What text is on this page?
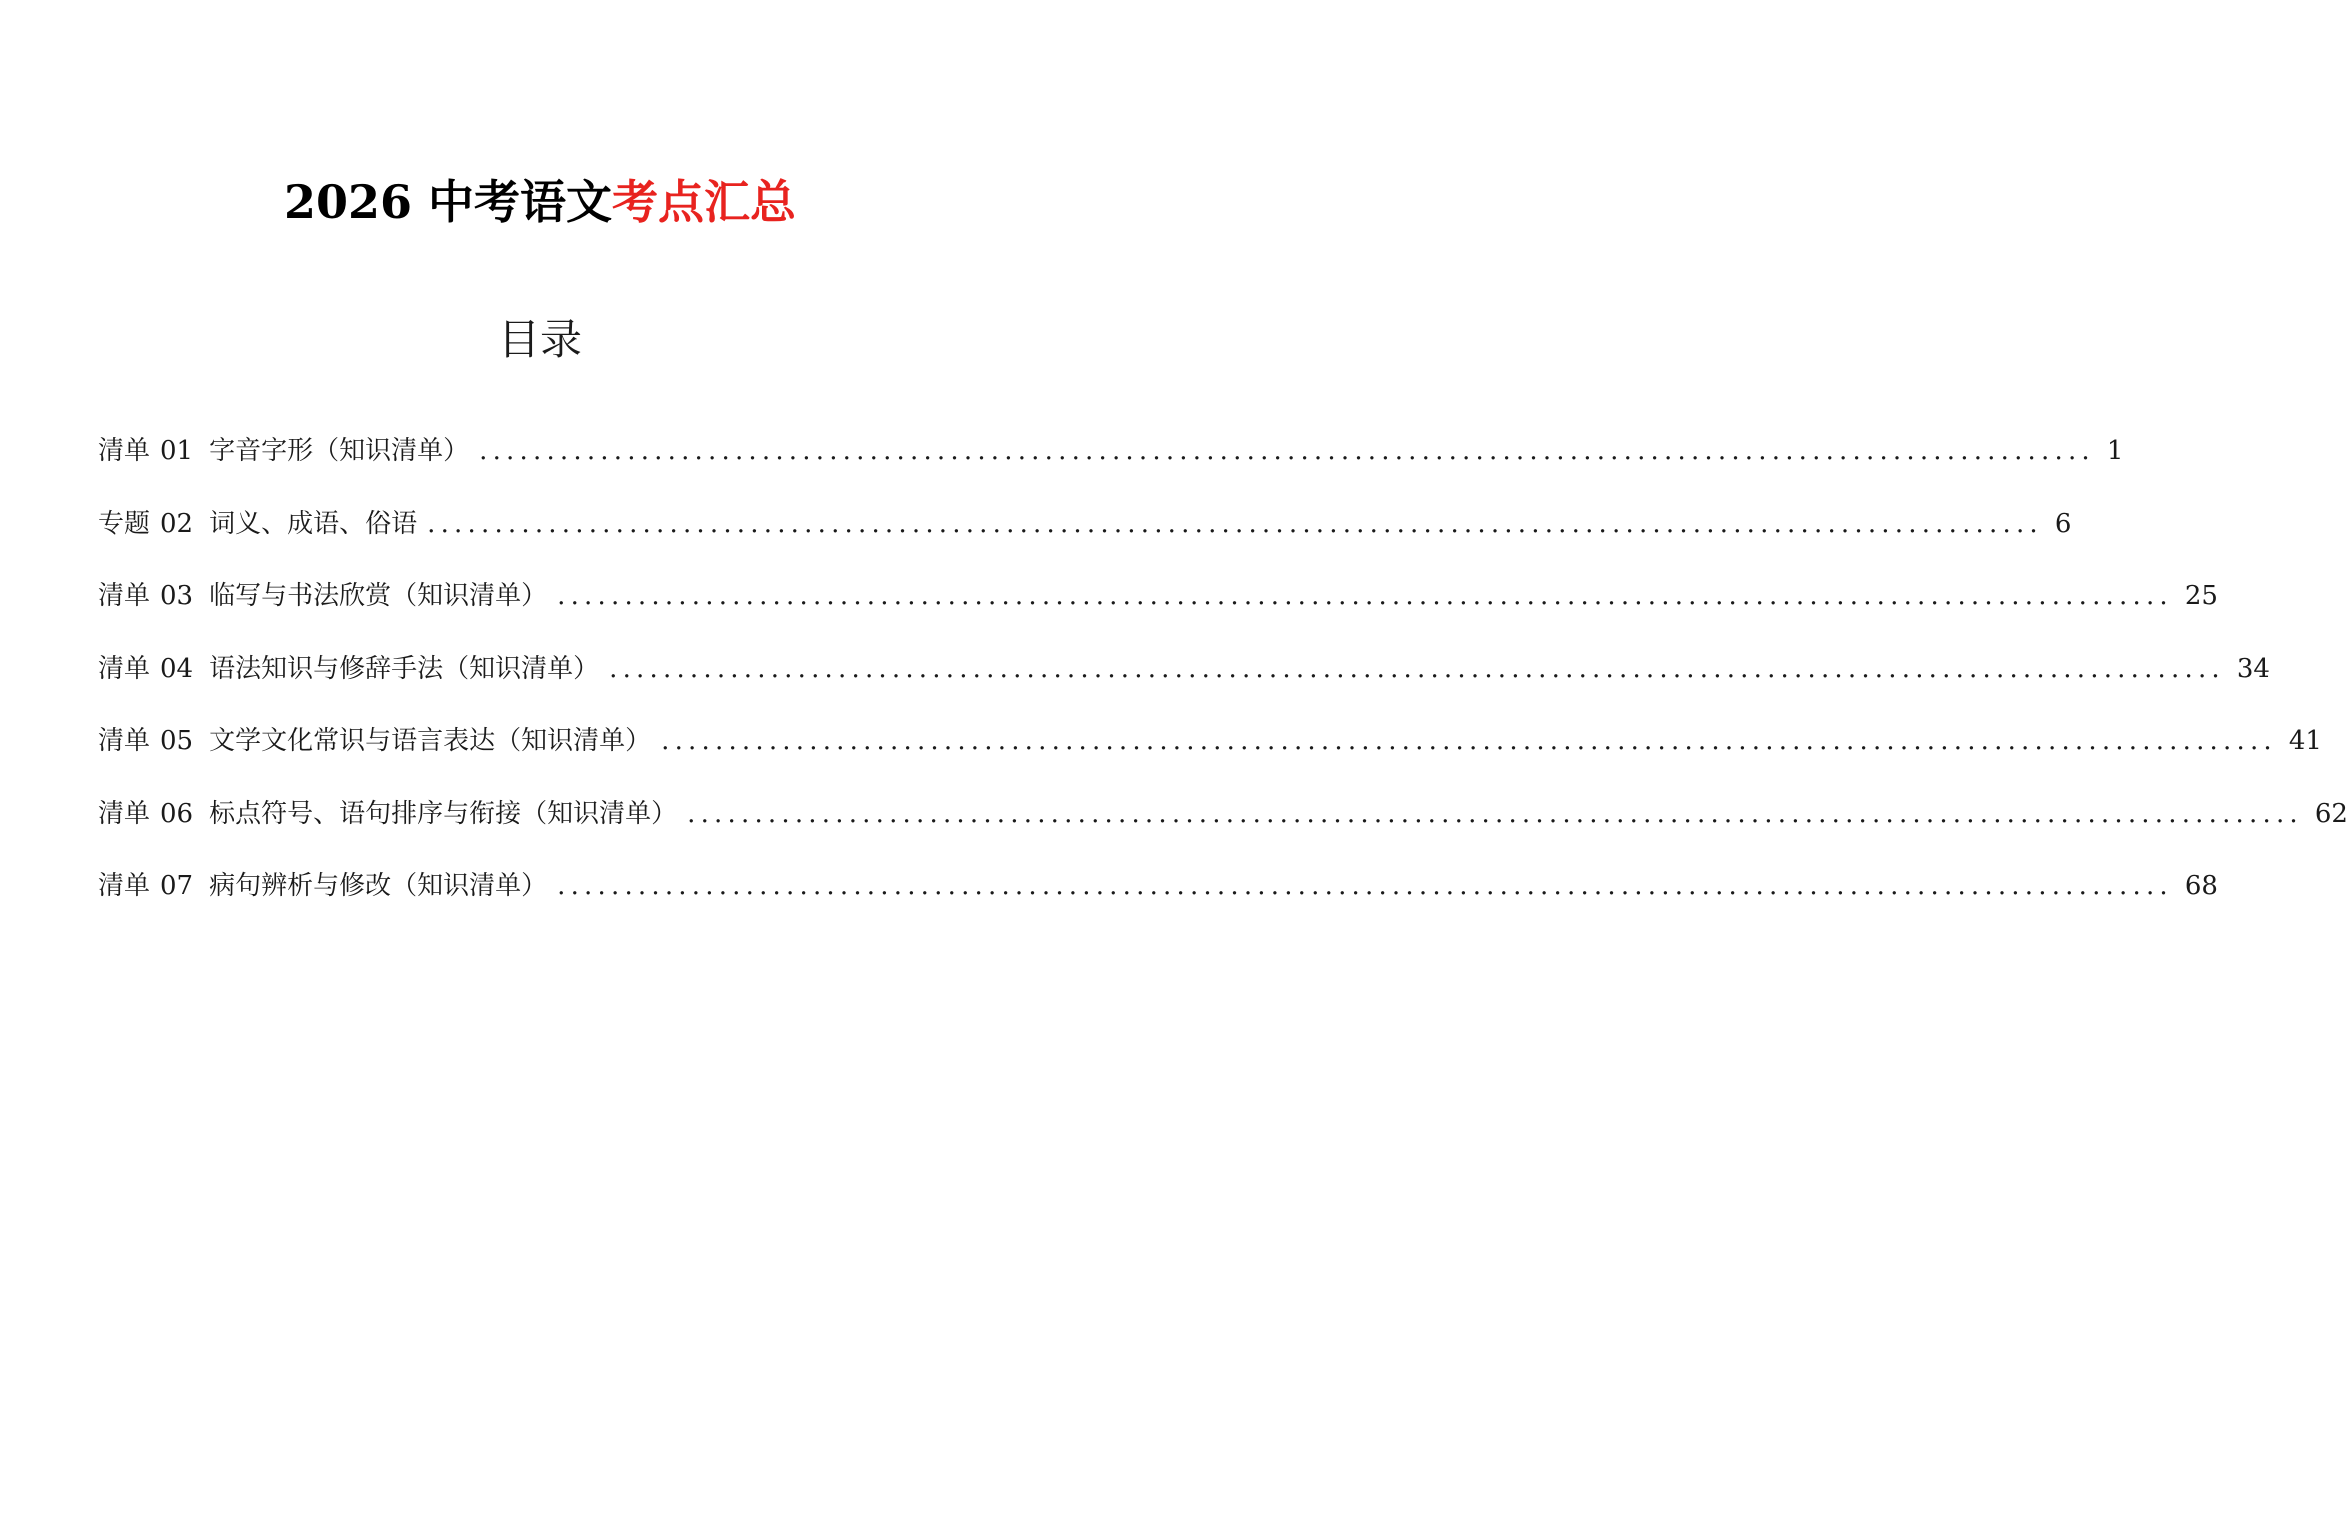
2026 中考语文考点汇总
目录
清单 01 字音字形（知识清单） ........................................................................................................................ 1
专题 02 词义、成语、俗语 ........................................................................................................................ 6
清单 03 临写与书法欣赏（知识清单） ........................................................................................................................ 25
清单 04 语法知识与修辞手法（知识清单） ........................................................................................................................ 34
清单 05 文学文化常识与语言表达（知识清单） ........................................................................................................................ 41
清单 06 标点符号、语句排序与衔接（知识清单） ........................................................................................................................ 62
清单 07 病句辨析与修改（知识清单） ........................................................................................................................ 68
